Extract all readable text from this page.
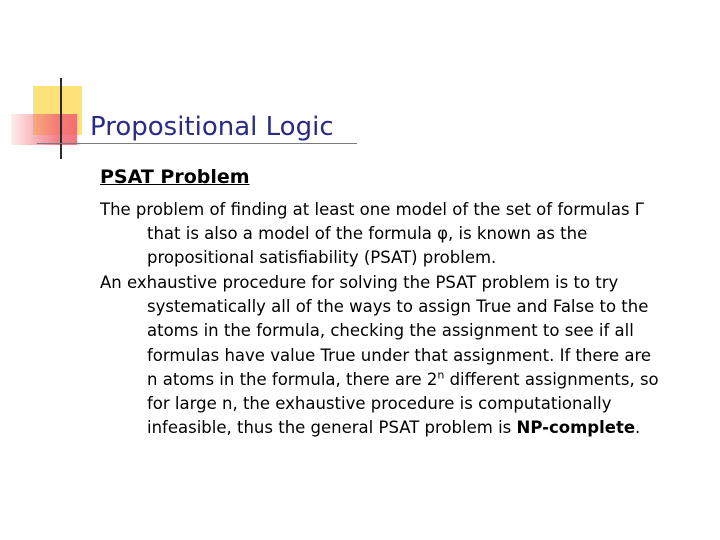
Propositional Logic
PSAT Problem

The problem of finding at least one model of the set of formulas Γ
that is also a model of the formula φ, is known as the
propositional satisfiability (PSAT) problem.

An exhaustive procedure for solving the PSAT problem is to try
systematically all of the ways to assign True and False to the
atoms in the formula, checking the assignment to see if all
formulas have value True under that assignment. If there are
n atoms in the formula, there are 2$^n$ different assignments, so
for large n, the exhaustive procedure is computationally
infeasible, thus the general PSAT problem is NP-complete.
